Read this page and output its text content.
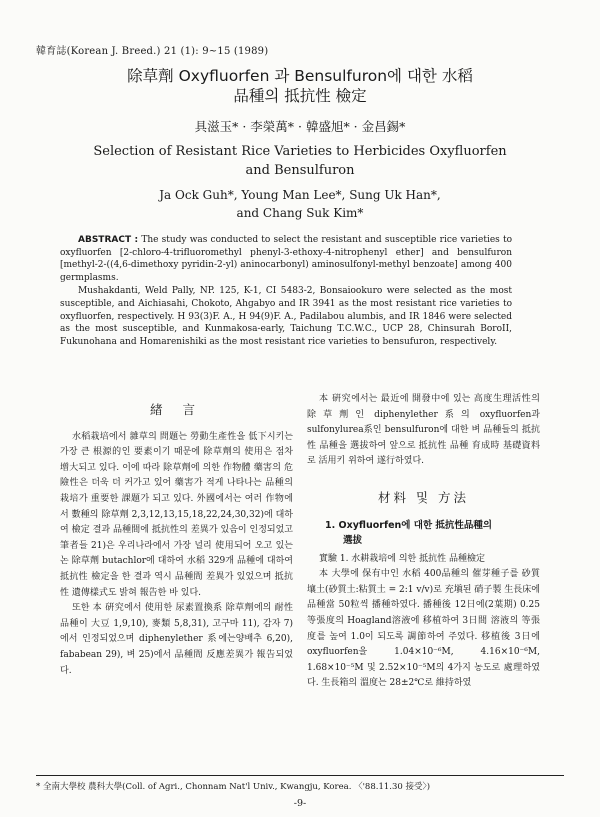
韓育誌(Korean J. Breed.) 21 (1): 9~15 (1989)
除草劑 Oxyfluorfen 과 Bensulfuron에 대한 水稻
品種의 抵抗性 檢定
具滋玉* · 李榮萬* · 韓盛旭* · 金昌錫*
Selection of Resistant Rice Varieties to Herbicides Oxyfluorfen
and Bensulfuron
Ja Ock Guh*, Young Man Lee*, Sung Uk Han*,
and Chang Suk Kim*

ABSTRACT : The study was conducted to select the resistant and susceptible rice varieties to oxyfluorfen [2-chloro-4-trifluoromethyl phenyl-3-ethoxy-4-nitrophenyl ether] and bensulfuron [methyl-2-((4,6-dimethoxy pyridin-2-yl) aninocarbonyl) aminosulfonyl-methyl benzoate] among 400 germplasms.

Mushakdanti, Weld Pally, NP. 125, K-1, CI 5483-2, Bonsaiookuro were selected as the most susceptible, and Aichiasahi, Chokoto, Ahgabyo and IR 3941 as the most resistant rice varieties to oxyfluorfen, respectively. H 93(3)F. A., H 94(9)F. A., Padilabou alumbis, and IR 1846 were selected as the most susceptible, and Kunmakosa-early, Taichung T.C.W.C., UCP 28, Chinsurah BoroII, Fukunohana and Homarenishiki as the most resistant rice varieties to bensufuron, respectively.

緖 言

水稻栽培에서 雜草의 問題는 勞動生產性을 低下시키는 가장 큰 根源的인 要素이기 때문에 除草劑의 使用은 점차 增大되고 있다. 이에 따라 除草劑에 의한 作物體 藥害의 危險性은 더욱 더 커가고 있어 藥害가 적게 나타나는 品種의 栽培가 重要한 課題가 되고 있다. 外國에서는 여러 作物에서 數種의 除草劑 2,3,12,13,15,18,22,24,30,32)에 대하여 檢定 결과 品種間에 抵抗性의 差異가 있음이 인정되었고 筆者들 21)은 우리나라에서 가장 널리 使用되어 오고 있는 논 除草劑 butachlor에 대하여 水稻 329개 品種에 대하여 抵抗性 檢定을 한 결과 역시 品種間 差異가 있었으며 抵抗性 遺傳樣式도 밝혀 報告한 바 있다.

또한 本 硏究에서 使用한 尿素置換系 除草劑에의 耐性 品種이 大豆 1,9,10), 麥類 5,8,31), 고구마 11), 감자 7)에서 인정되었으며 diphenylether 系에는양배추 6,20), fababean 29), 벼 25)에서 品種間 反應差異가 報告되었다.

本 硏究에서는 最近에 開發中에 있는 高度生理活性의 除草劑인 diphenylether系의 oxyfluorfen과 sulfonylurea系인 bensulfuron에 대한 벼 品種들의 抵抗性 品種을 選拔하여 앞으로 抵抗性 品種 育成時 基礎資料로 活用키 위하여 遂行하였다.

材料 및 方法
1. Oxyfluorfen에 대한 抵抗性品種의
選拔

實驗 1. 水耕栽培에 의한 抵抗性 品種檢定

本 大學에 保有中인 水稻 400品種의 催芽種子를 砂質壤土(砂質土:粘質土 = 2:1 v/v)로 充塡된 硝子製 生長床에 品種當 50粒씩 播種하였다. 播種後 12日에(2葉期) 0.25 等張度의 Hoagland溶液에 移植하여 3日間 溶液의 等張度를 높여 1.0이 되도록 調節하여 주었다. 移植後 3日에 oxyfluorfen을 1.04×10⁻⁶M, 4.16×10⁻⁶M, 1.68×10⁻⁵M 및 2.52×10⁻⁵M의 4가지 농도로 處理하였다. 生長箱의 溫度는 28±2℃로 維持하였

* 全南大學校 農科大學(Coll. of Agri., Chonnam Nat'l Univ., Kwangju, Korea. 〈'88.11.30 接受〉)
-9-
